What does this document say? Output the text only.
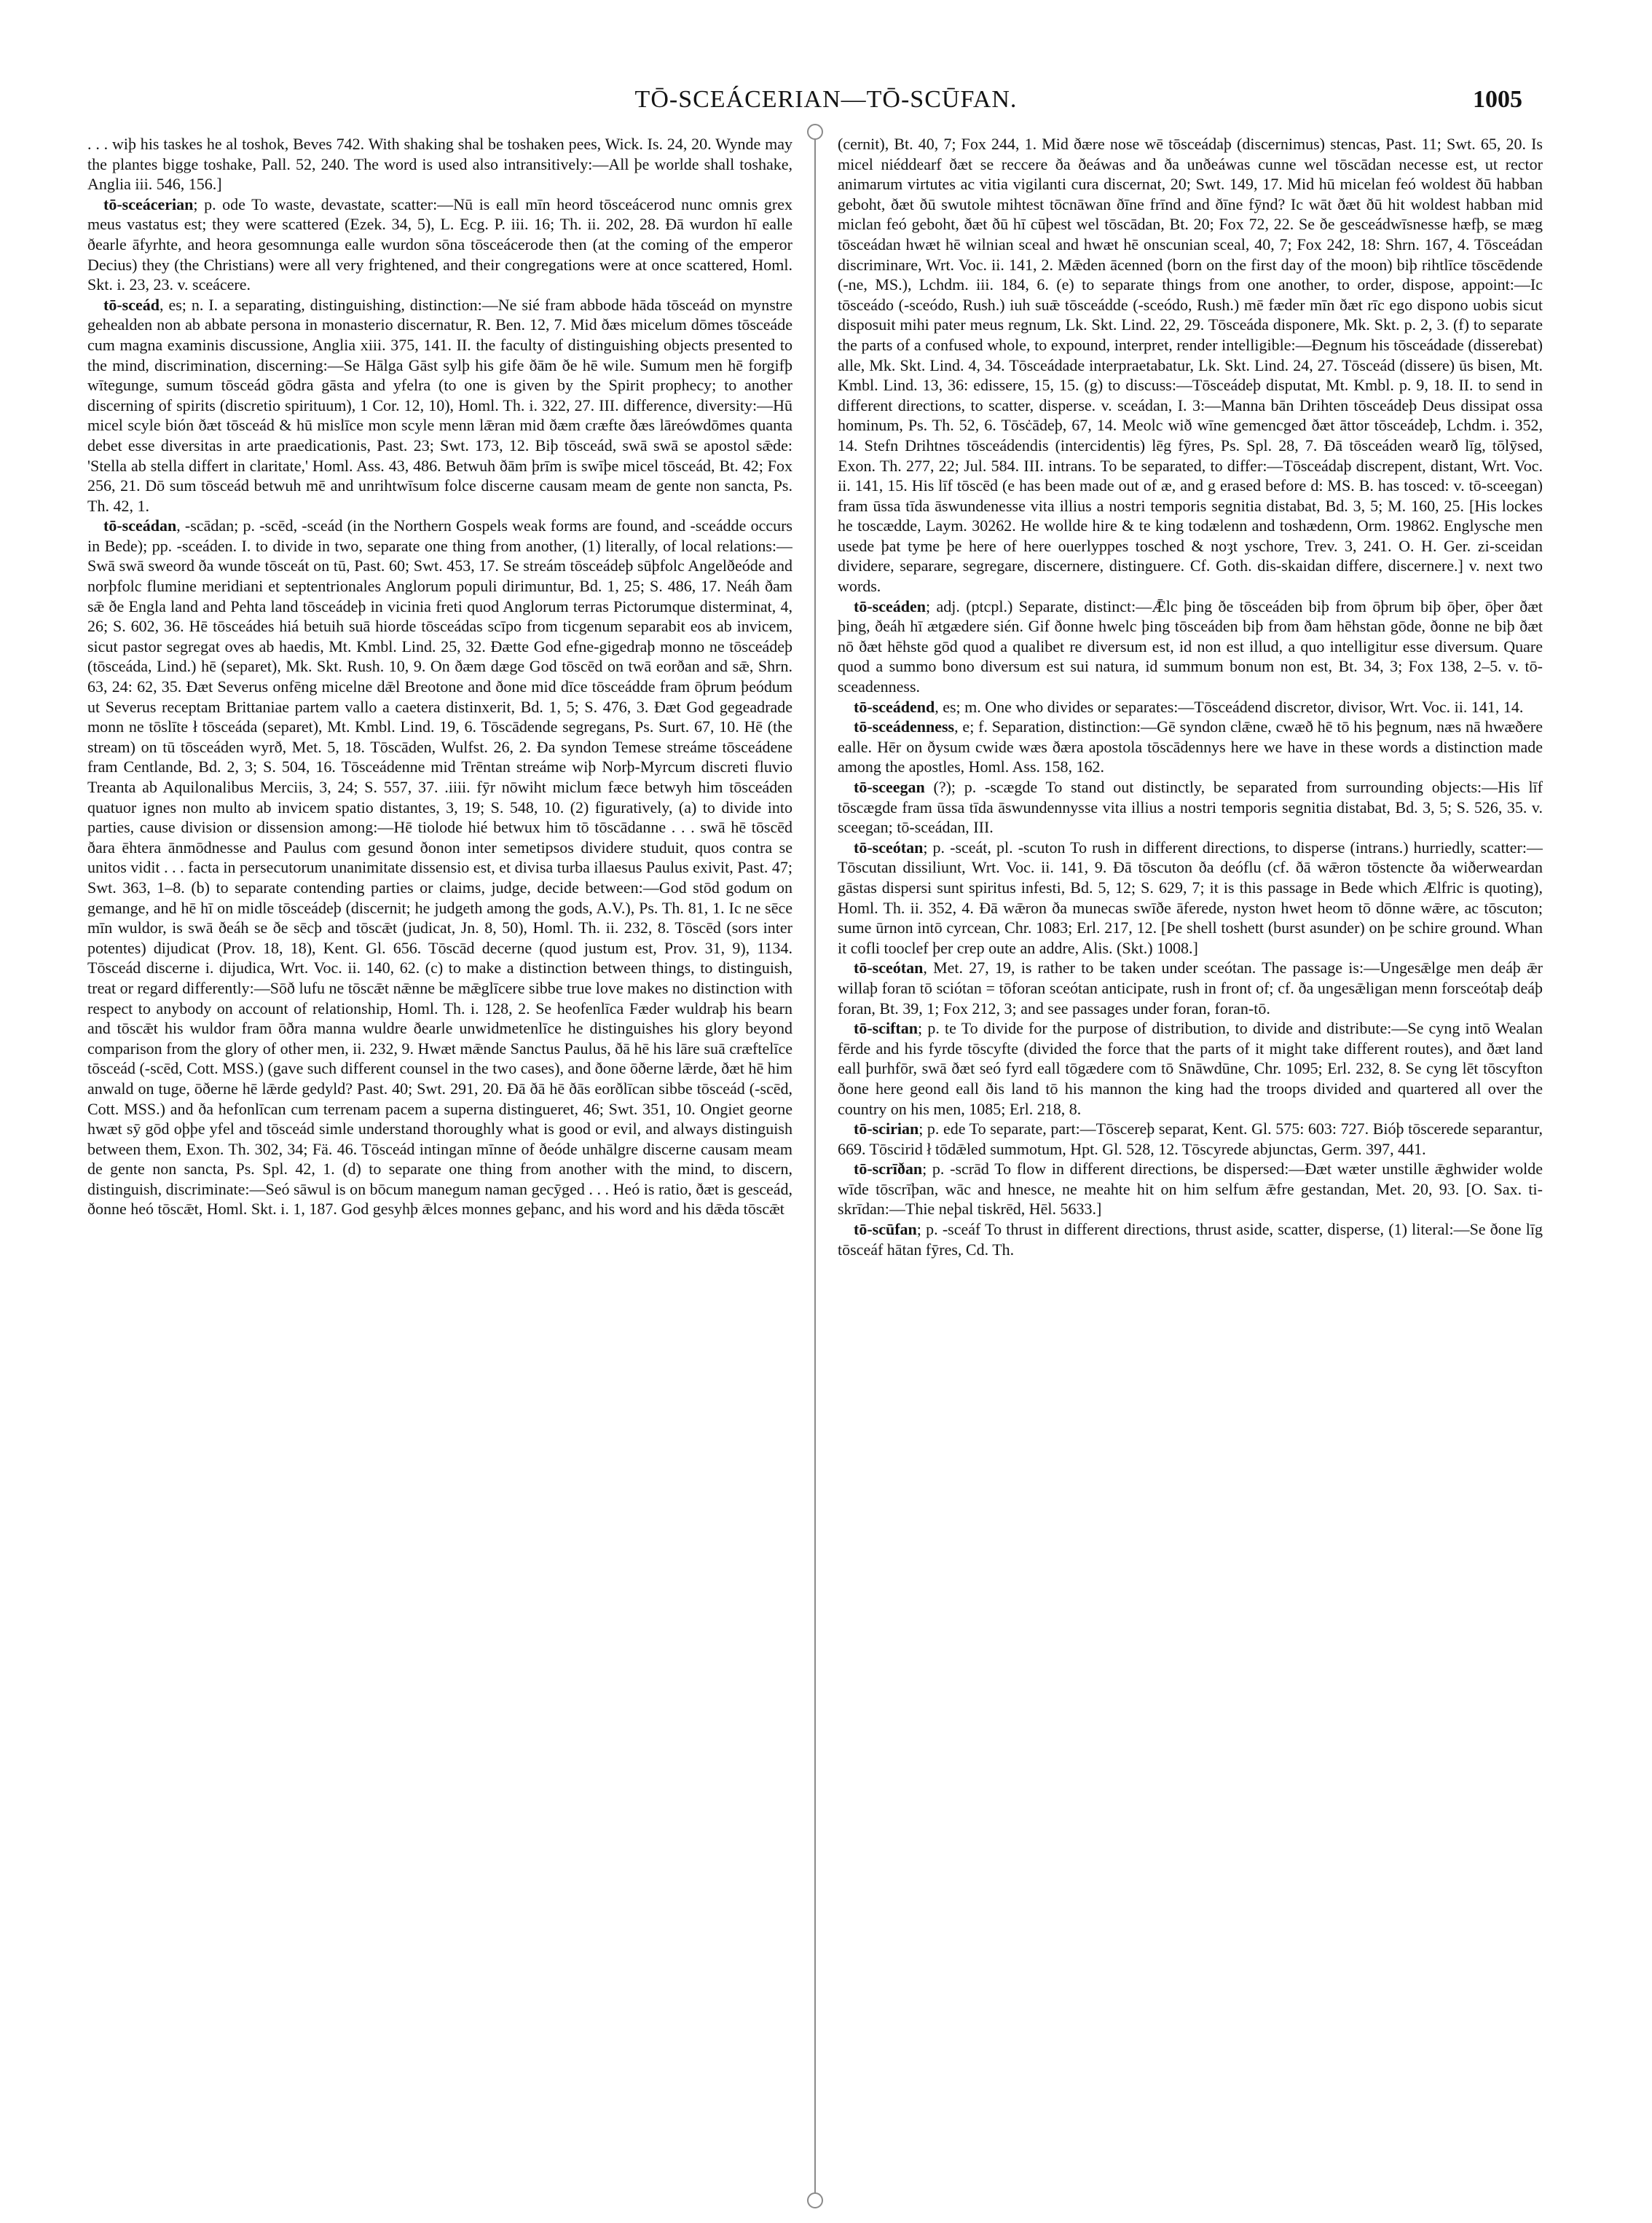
TŌ-SCEÁCERIAN—TŌ-SCŪFAN.	1005

. . . wiþ his taskes he al toshok, Beves 742. With shaking shal be toshaken pees, Wick. Is. 24, 20. Wynde may the plantes bigge toshake, Pall. 52, 240. The word is used also intransitively:—All þe worlde shall toshake, Anglia iii. 546, 156.]

tō-sceácerian; p. ode To waste, devastate, scatter:—Nū is eall mīn heord tōsceácerod nunc omnis grex meus vastatus est; they were scattered (Ezek. 34, 5), L. Ecg. P. iii. 16; Th. ii. 202, 28. Ðā wurdon hī ealle ðearle āfyrhte, and heora gesomnunga ealle wurdon sōna tōsceácerode then (at the coming of the emperor Decius) they (the Christians) were all very frightened, and their congregations were at once scattered, Homl. Skt. i. 23, 23. v. sceácere.

tō-sceád, es; n. I. a separating, distinguishing, distinction:—Ne sié fram abbode hāda tōsceád on mynstre gehealden non ab abbate persona in monasterio discernatur, R. Ben. 12, 7. Mid ðæs micelum dōmes tōsceáde cum magna examinis discussione, Anglia xiii. 375, 141. II. the faculty of distinguishing objects presented to the mind, discrimination, discerning:—Se Hālga Gāst sylþ his gife ðām ðe hē wile. Sumum men hē forgifþ wītegunge, sumum tōsceád gōdra gāsta and yfelra (to one is given by the Spirit prophecy; to another discerning of spirits (discretio spirituum), 1 Cor. 12, 10), Homl. Th. i. 322, 27. III. difference, diversity:—Hū micel scyle bión ðæt tōsceád & hū mislīce mon scyle menn lǣran mid ðæm cræfte ðæs lāreówdōmes quanta debet esse diversitas in arte praedicationis, Past. 23; Swt. 173, 12. Biþ tōsceád, swā swā se apostol sǣde: 'Stella ab stella differt in claritate,' Homl. Ass. 43, 486. Betwuh ðām þrīm is swīþe micel tōsceád, Bt. 42; Fox 256, 21. Dō sum tōsceád betwuh mē and unrihtwīsum folce discerne causam meam de gente non sancta, Ps. Th. 42, 1.

tō-sceádan, -scādan; p. -scēd, -sceád (in the Northern Gospels weak forms are found, and -sceádde occurs in Bede); pp. -sceáden. I. to divide in two, separate one thing from another, (1) literally, of local relations:—Swā swā sweord ða wunde tōsceát on tū, Past. 60; Swt. 453, 17. Se streám tōsceádeþ sūþfolc Angelðeóde and norþfolc flumine meridiani et septentrionales Anglorum populi dirimuntur, Bd. 1, 25; S. 486, 17. Neáh ðam sǣ ðe Engla land and Pehta land tōsceádeþ in vicinia freti quod Anglorum terras Pictorumque disterminat, 4, 26; S. 602, 36. Hē tōsceádes hiá betuih suā hiorde tōsceádas scīpo from ticgenum separabit eos ab invicem, sicut pastor segregat oves ab haedis, Mt. Kmbl. Lind. 25, 32. Ðætte God efne-gigedraþ monno ne tōsceádeþ (tōsceáda, Lind.) hē (separet), Mk. Skt. Rush. 10, 9. On ðæm dæge God tōscēd on twā eorðan and sǣ, Shrn. 63, 24: 62, 35. Ðæt Severus onfēng micelne dǣl Breotone and ðone mid dīce tōsceádde fram ōþrum þeódum ut Severus receptam Brittaniae partem vallo a caetera distinxerit, Bd. 1, 5; S. 476, 3. Ðæt God gegeadrade monn ne tōslīte ł tōsceáda (separet), Mt. Kmbl. Lind. 19, 6. Tōscādende segregans, Ps. Surt. 67, 10. Hē (the stream) on tū tōsceáden wyrð, Met. 5, 18. Tōscāden, Wulfst. 26, 2. Ða syndon Temese streáme tōsceádene fram Centlande, Bd. 2, 3; S. 504, 16. Tōsceádenne mid Trēntan streáme wiþ Norþ-Myrcum discreti fluvio Treanta ab Aquilonalibus Merciis, 3, 24; S. 557, 37. .iiii. fȳr nōwiht miclum fæce betwyh him tōsceáden quatuor ignes non multo ab invicem spatio distantes, 3, 19; S. 548, 10. (2) figuratively, (a) to divide into parties, cause division or dissension among:—Hē tiolode hié betwux him tō tōscādanne . . . swā hē tōscēd ðara ēhtera ānmōdnesse and Paulus com gesund ðonon inter semetipsos dividere studuit, quos contra se unitos vidit . . . facta in persecutorum unanimitate dissensio est, et divisa turba illaesus Paulus exivit, Past. 47; Swt. 363, 1–8. (b) to separate contending parties or claims, judge, decide between:—God stōd godum on gemange, and hē hī on midle tōsceádeþ (discernit; he judgeth among the gods, A.V.), Ps. Th. 81, 1. Ic ne sēce mīn wuldor, is swā ðeáh se ðe sēcþ and tōscǣt (judicat, Jn. 8, 50), Homl. Th. ii. 232, 8. Tōscēd (sors inter potentes) dijudicat (Prov. 18, 18), Kent. Gl. 656. Tōscād decerne (quod justum est, Prov. 31, 9), 1134. Tōsceád discerne i. dijudica, Wrt. Voc. ii. 140, 62. (c) to make a distinction between things, to distinguish, treat or regard differently:—Sōð lufu ne tōscǣt nǣnne be mǣglīcere sibbe true love makes no distinction with respect to anybody on account of relationship, Homl. Th. i. 128, 2. Se heofenlīca Fæder wuldraþ his bearn and tōscǣt his wuldor fram ōðra manna wuldre ðearle unwidmetenlīce he distinguishes his glory beyond comparison from the glory of other men, ii. 232, 9. Hwæt mǣnde Sanctus Paulus, ðā hē his lāre suā cræftelīce tōsceád (-scēd, Cott. MSS.) (gave such different counsel in the two cases), and ðone ōðerne lǣrde, ðæt hē him anwald on tuge, ōðerne hē lǣrde gedyld? Past. 40; Swt. 291, 20. Ðā ðā hē ðās eorðlīcan sibbe tōsceád (-scēd, Cott. MSS.) and ða hefonlīcan cum terrenam pacem a superna distingueret, 46; Swt. 351, 10. Ongiet georne hwæt sȳ gōd oþþe yfel and tōsceád simle understand thoroughly what is good or evil, and always distinguish between them, Exon. Th. 302, 34; Fä. 46. Tōsceád intingan mīnne of ðeóde unhālgre discerne causam meam de gente non sancta, Ps. Spl. 42, 1. (d) to separate one thing from another with the mind, to discern, distinguish, discriminate:—Seó sāwul is on bōcum manegum naman gecȳged . . . Heó is ratio, ðæt is gesceád, ðonne heó tōscǣt, Homl. Skt. i. 1, 187. God gesyhþ ǣlces monnes geþanc, and his word and his dǣda tōscǣt

(cernit), Bt. 40, 7; Fox 244, 1. Mid ðære nose wē tōsceádaþ (discernimus) stencas, Past. 11; Swt. 65, 20. Is micel niéddearf ðæt se reccere ða ðeáwas and ða unðeáwas cunne wel tōscādan necesse est, ut rector animarum virtutes ac vitia vigilanti cura discernat, 20; Swt. 149, 17. Mid hū micelan feó woldest ðū habban geboht, ðæt ðū swutole mihtest tōcnāwan ðīne frīnd and ðīne fȳnd? Ic wāt ðæt ðū hit woldest habban mid miclan feó geboht, ðæt ðū hī cūþest wel tōscādan, Bt. 20; Fox 72, 22. Se ðe gesceádwīsnesse hæfþ, se mæg tōsceádan hwæt hē wilnian sceal and hwæt hē onscunian sceal, 40, 7; Fox 242, 18: Shrn. 167, 4. Tōsceádan discriminare, Wrt. Voc. ii. 141, 2. Mǣden ācenned (born on the first day of the moon) biþ rihtlīce tōscēdende (-ne, MS.), Lchdm. iii. 184, 6. (e) to separate things from one another, to order, dispose, appoint:—Ic tōsceádo (-sceódo, Rush.) iuh suǣ tōsceádde (-sceódo, Rush.) mē fæder mīn ðæt rīc ego dispono uobis sicut disposuit mihi pater meus regnum, Lk. Skt. Lind. 22, 29. Tōsceáda disponere, Mk. Skt. p. 2, 3. (f) to separate the parts of a confused whole, to expound, interpret, render intelligible:—Ðegnum his tōsceádade (disserebat) alle, Mk. Skt. Lind. 4, 34. Tōsceádade interpraetabatur, Lk. Skt. Lind. 24, 27. Tōsceád (dissere) ūs bisen, Mt. Kmbl. Lind. 13, 36: edissere, 15, 15. (g) to discuss:—Tōsceádeþ disputat, Mt. Kmbl. p. 9, 18. II. to send in different directions, to scatter, disperse. v. sceádan, I. 3:—Manna bān Drihten tōsceádeþ Deus dissipat ossa hominum, Ps. Th. 52, 6. Tōsċādeþ, 67, 14. Meolc wið wīne gemencged ðæt āttor tōsceádeþ, Lchdm. i. 352, 14. Stefn Drihtnes tōsceádendis (intercidentis) lēg fȳres, Ps. Spl. 28, 7. Ðā tōsceáden wearð līg, tōlȳsed, Exon. Th. 277, 22; Jul. 584. III. intrans. To be separated, to differ:—Tōsceádaþ discrepent, distant, Wrt. Voc. ii. 141, 15. His līf tōscēd (e has been made out of æ, and g erased before d: MS. B. has tosced: v. tō-sceegan) fram ūssa tīda āswundenesse vita illius a nostri temporis segnitia distabat, Bd. 3, 5; M. 160, 25. [His lockes he toscædde, Laym. 30262. He wollde hire & te king todælenn and toshædenn, Orm. 19862. Englysche men usede þat tyme þe here of here ouerlyppes tosched & noȝt yschore, Trev. 3, 241. O. H. Ger. zi-sceidan dividere, separare, segregare, discernere, distinguere. Cf. Goth. dis-skaidan differe, discernere.] v. next two words.

tō-sceáden; adj. (ptcpl.) Separate, distinct:—Ǣlc þing ðe tōsceáden biþ from ōþrum biþ ōþer, ōþer ðæt þing, ðeáh hī ætgædere sién. Gif ðonne hwelc þing tōsceáden biþ from ðam hēhstan gōde, ðonne ne biþ ðæt nō ðæt hēhste gōd quod a qualibet re diversum est, id non est illud, a quo intelligitur esse diversum. Quare quod a summo bono diversum est sui natura, id summum bonum non est, Bt. 34, 3; Fox 138, 2–5. v. tō-sceadenness.

tō-sceádend, es; m. One who divides or separates:—Tōsceádend discretor, divisor, Wrt. Voc. ii. 141, 14.

tō-sceádenness, e; f. Separation, distinction:—Gē syndon clǣne, cwæð hē tō his þegnum, næs nā hwæðere ealle. Hēr on ðysum cwide wæs ðæra apostola tōscādennys here we have in these words a distinction made among the apostles, Homl. Ass. 158, 162.

tō-sceegan (?); p. -scægde To stand out distinctly, be separated from surrounding objects:—His līf tōscægde fram ūssa tīda āswundennysse vita illius a nostri temporis segnitia distabat, Bd. 3, 5; S. 526, 35. v. sceegan; tō-sceádan, III.

tō-sceótan; p. -sceát, pl. -scuton To rush in different directions, to disperse (intrans.) hurriedly, scatter:—Tōscutan dissiliunt, Wrt. Voc. ii. 141, 9. Ðā tōscuton ða deóflu (cf. ðā wǣron tōstencte ða wiðerweardan gāstas dispersi sunt spiritus infesti, Bd. 5, 12; S. 629, 7; it is this passage in Bede which Ælfric is quoting), Homl. Th. ii. 352, 4. Ðā wǣron ða munecas swīðe āferede, nyston hwet heom tō dōnne wǣre, ac tōscuton; sume ūrnon intō cyrcean, Chr. 1083; Erl. 217, 12. [Þe shell toshett (burst asunder) on þe schire ground. Whan it cofli tooclef þer crep oute an addre, Alis. (Skt.) 1008.]

tō-sceótan, Met. 27, 19, is rather to be taken under sceótan. The passage is:—Ungesǣlge men deáþ ǣr willaþ foran tō sciótan = tōforan sceótan anticipate, rush in front of; cf. ða ungesǣligan menn forsceótaþ deáþ foran, Bt. 39, 1; Fox 212, 3; and see passages under foran, foran-tō.

tō-sciftan; p. te To divide for the purpose of distribution, to divide and distribute:—Se cyng intō Wealan fērde and his fyrde tōscyfte (divided the force that the parts of it might take different routes), and ðæt land eall þurhfōr, swā ðæt seó fyrd eall tōgædere com tō Snāwdūne, Chr. 1095; Erl. 232, 8. Se cyng lēt tōscyfton ðone here geond eall ðis land tō his mannon the king had the troops divided and quartered all over the country on his men, 1085; Erl. 218, 8.

tō-scirian; p. ede To separate, part:—Tōscereþ separat, Kent. Gl. 575: 603: 727. Bióþ tōscerede separantur, 669. Tōscirid ł tōdǣled summotum, Hpt. Gl. 528, 12. Tōscyrede abjunctas, Germ. 397, 441.

tō-scrīðan; p. -scrād To flow in different directions, be dispersed:—Ðæt wæter unstille ǣghwider wolde wīde tōscrīþan, wāc and hnesce, ne meahte hit on him selfum ǣfre gestandan, Met. 20, 93. [O. Sax. ti-skrīdan:—Thie neþal tiskrēd, Hēl. 5633.]

tō-scūfan; p. -sceáf To thrust in different directions, thrust aside, scatter, disperse, (1) literal:—Se ðone līg tōsceáf hātan fȳres, Cd. Th.
